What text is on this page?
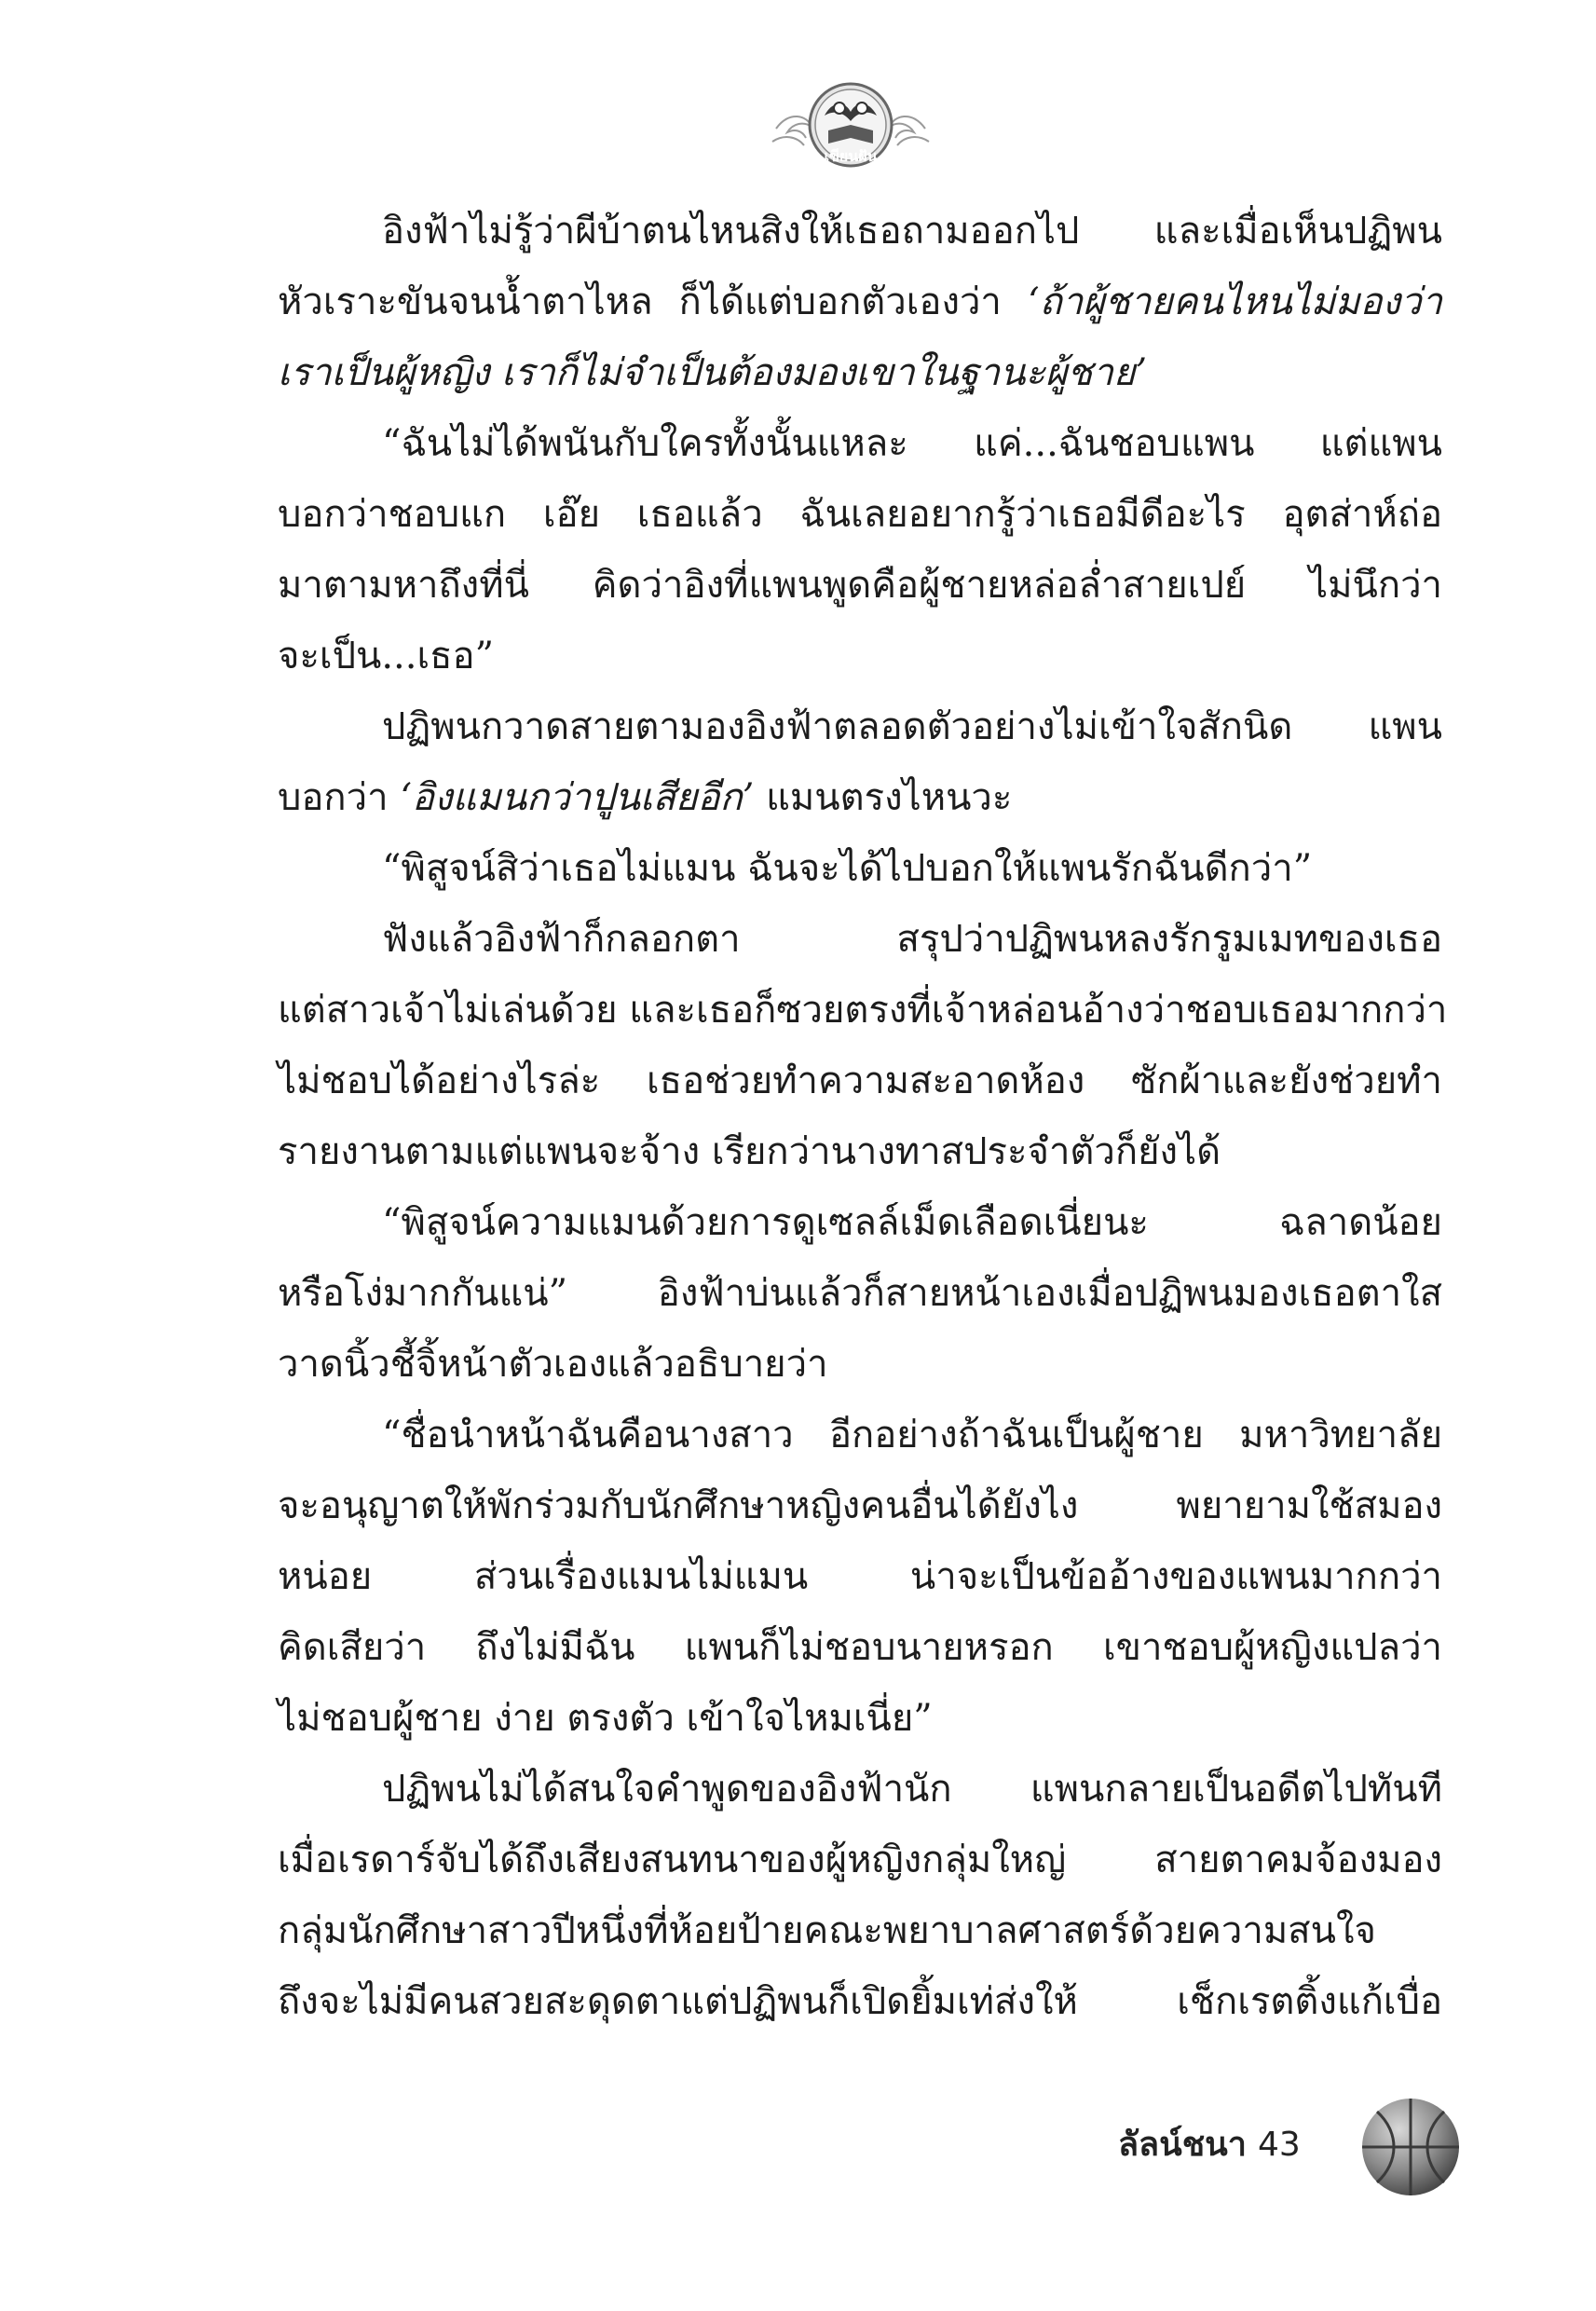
เขียนฝัน
อิงฟ้าไม่รู้ว่าผีบ้าตนไหนสิงให้เธอถามออกไป และเมื่อเห็นปฏิพน
หัวเราะขันจนน้ำตาไหล ก็ได้แต่บอกตัวเองว่า ‘ถ้าผู้ชายคนไหนไม่มองว่า
เราเป็นผู้หญิง เราก็ไม่จำเป็นต้องมองเขาในฐานะผู้ชาย’
“ฉันไม่ได้พนันกับใครทั้งนั้นแหละ แค่...ฉันชอบแพน แต่แพน
บอกว่าชอบแก เอ๊ย เธอแล้ว ฉันเลยอยากรู้ว่าเธอมีดีอะไร อุตส่าห์ถ่อ
มาตามหาถึงที่นี่ คิดว่าอิงที่แพนพูดคือผู้ชายหล่อล่ำสายเปย์ ไม่นึกว่า
จะเป็น...เธอ”
ปฏิพนกวาดสายตามองอิงฟ้าตลอดตัวอย่างไม่เข้าใจสักนิด แพน
บอกว่า ‘อิงแมนกว่าปูนเสียอีก’ แมนตรงไหนวะ
“พิสูจน์สิว่าเธอไม่แมน ฉันจะได้ไปบอกให้แพนรักฉันดีกว่า”
ฟังแล้วอิงฟ้าก็กลอกตา สรุปว่าปฏิพนหลงรักรูมเมทของเธอ
แต่สาวเจ้าไม่เล่นด้วย และเธอก็ซวยตรงที่เจ้าหล่อนอ้างว่าชอบเธอมากกว่า
ไม่ชอบได้อย่างไรล่ะ เธอช่วยทำความสะอาดห้อง ซักผ้าและยังช่วยทำ
รายงานตามแต่แพนจะจ้าง เรียกว่านางทาสประจำตัวก็ยังได้
“พิสูจน์ความแมนด้วยการดูเซลล์เม็ดเลือดเนี่ยนะ ฉลาดน้อย
หรือโง่มากกันแน่” อิงฟ้าบ่นแล้วก็สายหน้าเองเมื่อปฏิพนมองเธอตาใส
วาดนิ้วชี้จิ้หน้าตัวเองแล้วอธิบายว่า
“ชื่อนำหน้าฉันคือนางสาว อีกอย่างถ้าฉันเป็นผู้ชาย มหาวิทยาลัย
จะอนุญาตให้พักร่วมกับนักศึกษาหญิงคนอื่นได้ยังไง พยายามใช้สมอง
หน่อย ส่วนเรื่องแมนไม่แมน น่าจะเป็นข้ออ้างของแพนมากกว่า
คิดเสียว่า ถึงไม่มีฉัน แพนก็ไม่ชอบนายหรอก เขาชอบผู้หญิงแปลว่า
ไม่ชอบผู้ชาย ง่าย ตรงตัว เข้าใจไหมเนี่ย”
ปฏิพนไม่ได้สนใจคำพูดของอิงฟ้านัก แพนกลายเป็นอดีตไปทันที
เมื่อเรดาร์จับได้ถึงเสียงสนทนาของผู้หญิงกลุ่มใหญ่ สายตาคมจ้องมอง
กลุ่มนักศึกษาสาวปีหนึ่งที่ห้อยป้ายคณะพยาบาลศาสตร์ด้วยความสนใจ
ถึงจะไม่มีคนสวยสะดุดตาแต่ปฏิพนก็เปิดยิ้มเท่ส่งให้ เช็กเรตติ้งแก้เบื่อ
ลัลน์ชนา 43
